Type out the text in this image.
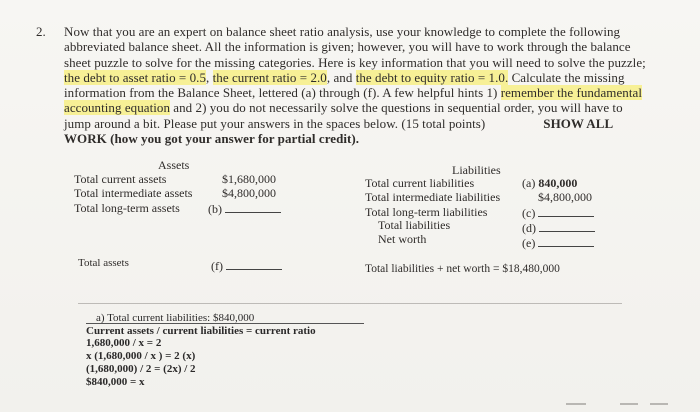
2. Now that you are an expert on balance sheet ratio analysis, use your knowledge to complete the following abbreviated balance sheet. All the information is given; however, you will have to work through the balance sheet puzzle to solve for the missing categories. Here is key information that you will need to solve the puzzle; the debt to asset ratio = 0.5, the current ratio = 2.0, and the debt to equity ratio = 1.0. Calculate the missing information from the Balance Sheet, lettered (a) through (f). A few helpful hints 1) remember the fundamental accounting equation and 2) you do not necessarily solve the questions in sequential order, you will have to jump around a bit. Please put your answers in the spaces below. (15 total points)	SHOW ALL WORK (how you got your answer for partial credit).
Assets
Total current assets	$1,680,000
Total intermediate assets $4,800,000
Total long-term assets (b)
Total assets	(f)
Liabilities
Total current liabilities	(a) 840,000
Total intermediate liabilities	$4,800,000
Total long-term liabilities	(c)
Total liabilities	(d)
Net worth	(e)
Total liabilities + net worth = $18,480,000
a) Total current liabilities: $840,000
Current assets / current liabilities = current ratio
1,680,000 / x = 2
x (1,680,000 / x ) = 2 (x)
(1,680,000) / 2 = (2x) / 2
$840,000 = x
